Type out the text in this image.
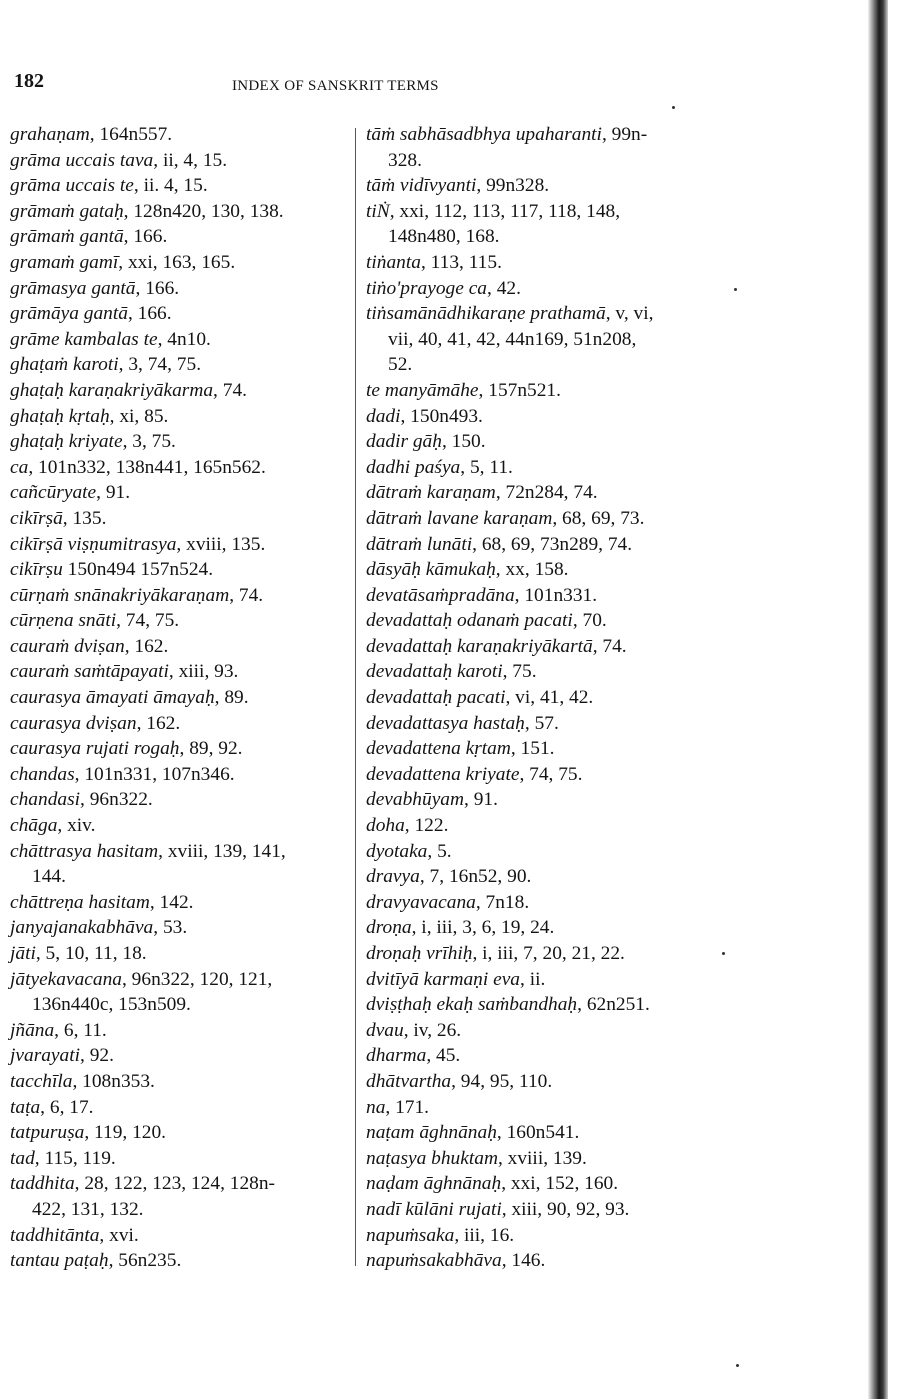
182	INDEX OF SANSKRIT TERMS
grahaṇam, 164n557.
grāma uccais tava, ii, 4, 15.
grāma uccais te, ii. 4, 15.
grāmaṁ gataḥ, 128n420, 130, 138.
grāmaṁ gantā, 166.
gramaṁ gamī, xxi, 163, 165.
grāmasya gantā, 166.
grāmāya gantā, 166.
grāme kambalas te, 4n10.
ghaṭaṁ karoti, 3, 74, 75.
ghaṭaḥ karaṇakriyākarma, 74.
ghaṭaḥ kṛtaḥ, xi, 85.
ghaṭaḥ kriyate, 3, 75.
ca, 101n332, 138n441, 165n562.
cañcūryate, 91.
cikīrṣā, 135.
cikīrṣā viṣṇumitrasya, xviii, 135.
cikīrṣu 150n494 157n524.
cūrṇaṁ snānakriyākaraṇam, 74.
cūrṇena snāti, 74, 75.
cauraṁ dviṣan, 162.
cauraṁ saṁtāpayati, xiii, 93.
caurasya āmayati āmayaḥ, 89.
caurasya dviṣan, 162.
caurasya rujati rogaḥ, 89, 92.
chandas, 101n331, 107n346.
chandasi, 96n322.
chāga, xiv.
chāttrasya hasitam, xviii, 139, 141,
144.
chāttreṇa hasitam, 142.
janyajanakabhāva, 53.
jāti, 5, 10, 11, 18.
jātyekavacana, 96n322, 120, 121,
136n440c, 153n509.
jñāna, 6, 11.
jvarayati, 92.
tacchīla, 108n353.
taṭa, 6, 17.
tatpuruṣa, 119, 120.
tad, 115, 119.
taddhita, 28, 122, 123, 124, 128n-
422, 131, 132.
taddhitānta, xvi.
tantau paṭaḥ, 56n235.
tāṁ sabhāsadbhya upaharanti, 99n-
328.
tāṁ vidīvyanti, 99n328.
tiṄ, xxi, 112, 113, 117, 118, 148,
148n480, 168.
tiṅanta, 113, 115.
tiṅo'prayoge ca, 42.
tiṅsamānādhikaraṇe prathamā, v, vi,
vii, 40, 41, 42, 44n169, 51n208,
52.
te manyāmāhe, 157n521.
dadi, 150n493.
dadir gāḥ, 150.
dadhi paśya, 5, 11.
dātraṁ karaṇam, 72n284, 74.
dātraṁ lavane karaṇam, 68, 69, 73.
dātraṁ lunāti, 68, 69, 73n289, 74.
dāsyāḥ kāmukaḥ, xx, 158.
devatāsaṁpradāna, 101n331.
devadattaḥ odanaṁ pacati, 70.
devadattaḥ karaṇakriyākartā, 74.
devadattaḥ karoti, 75.
devadattaḥ pacati, vi, 41, 42.
devadattasya hastaḥ, 57.
devadattena kṛtam, 151.
devadattena kriyate, 74, 75.
devabhūyam, 91.
doha, 122.
dyotaka, 5.
dravya, 7, 16n52, 90.
dravyavacana, 7n18.
droṇa, i, iii, 3, 6, 19, 24.
droṇaḥ vrīhiḥ, i, iii, 7, 20, 21, 22.
dvitīyā karmaṇi eva, ii.
dviṣṭhaḥ ekaḥ saṁbandhaḥ, 62n251.
dvau, iv, 26.
dharma, 45.
dhātvartha, 94, 95, 110.
na, 171.
naṭam āghnānaḥ, 160n541.
naṭasya bhuktam, xviii, 139.
naḍam āghnānaḥ, xxi, 152, 160.
nadī kūlāni rujati, xiii, 90, 92, 93.
napuṁsaka, iii, 16.
napuṁsakabhāva, 146.
